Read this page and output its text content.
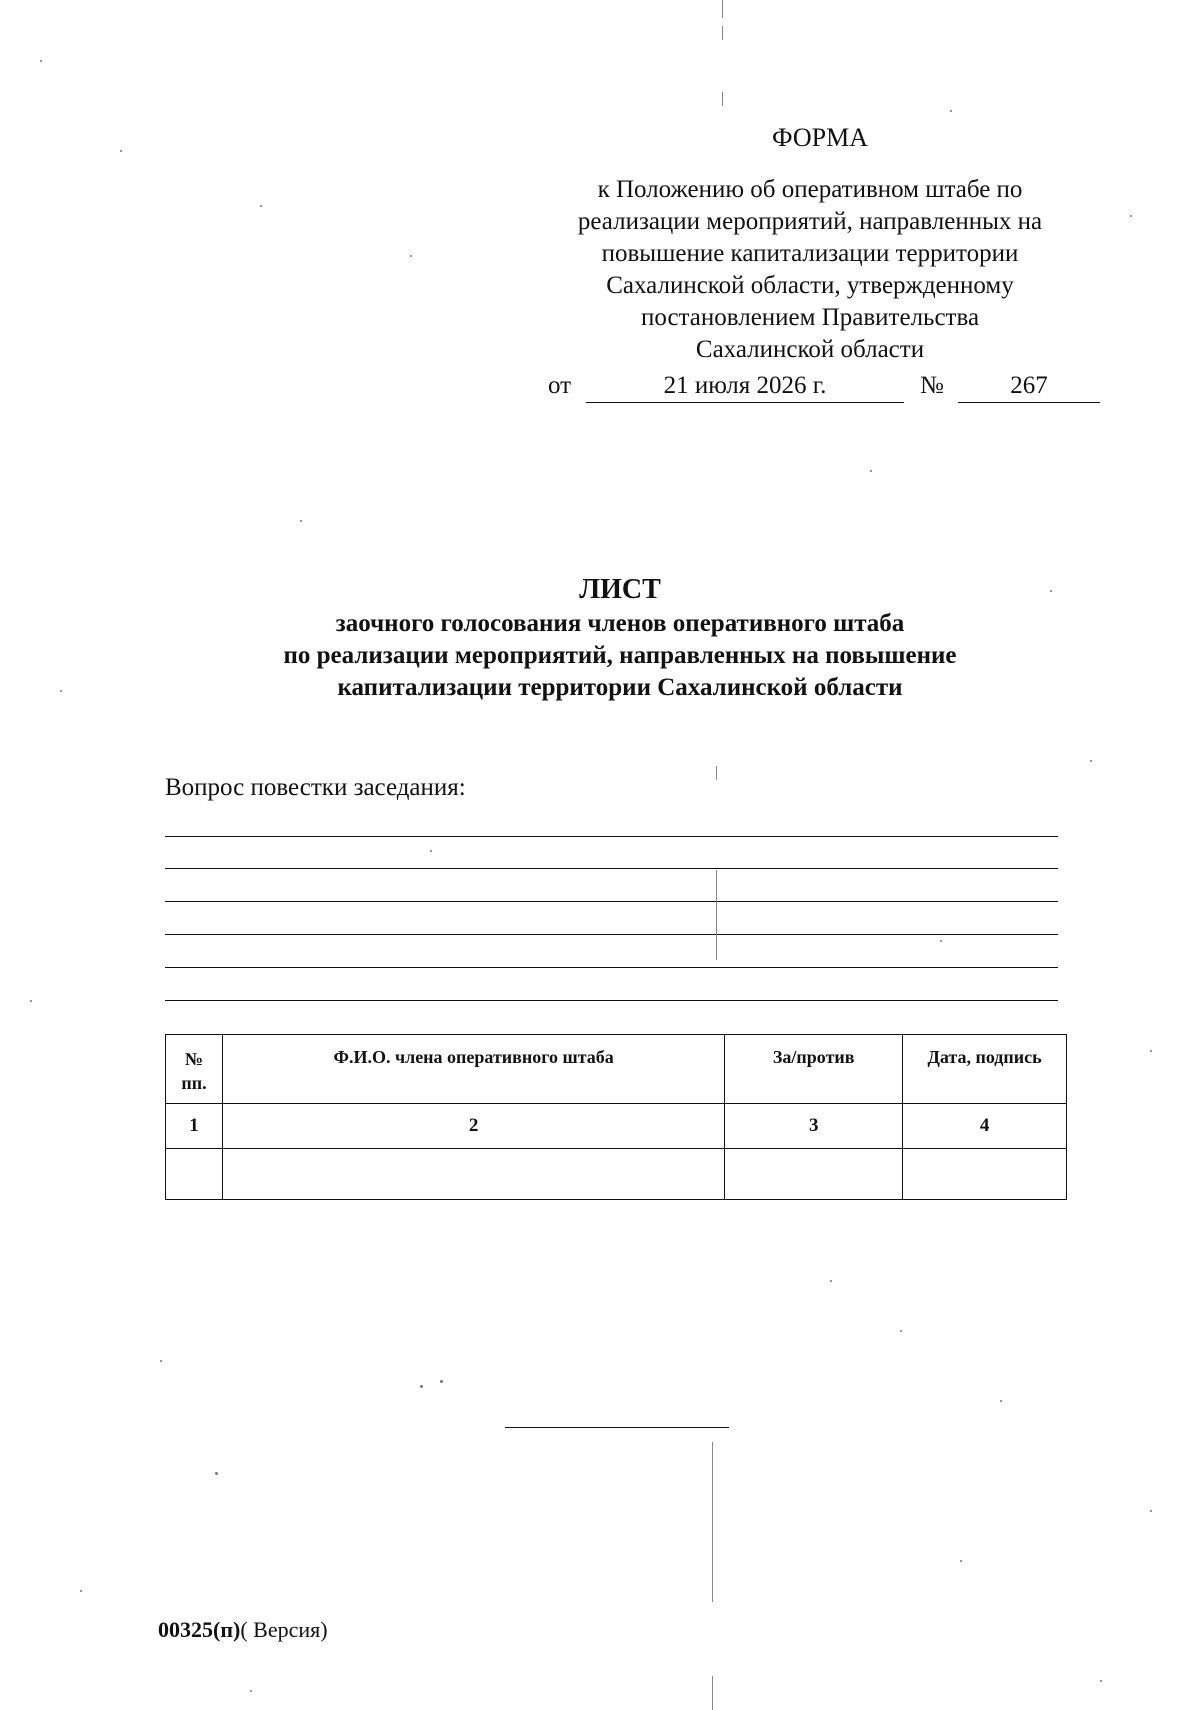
ФОРМА
к Положению об оперативном штабе по
реализации мероприятий, направленных на
повышение капитализации территории
Сахалинской области, утвержденному
постановлением Правительства
Сахалинской области
от	21 июля 2026 г.	№	267
ЛИСТ
заочного голосования членов оперативного штаба
по реализации мероприятий, направленных на повышение
капитализации территории Сахалинской области
Вопрос повестки заседания:
№
пп.	Ф.И.О. члена оперативного штаба	За/против	Дата, подпись
1	2	3	4

00325(п)( Версия)
